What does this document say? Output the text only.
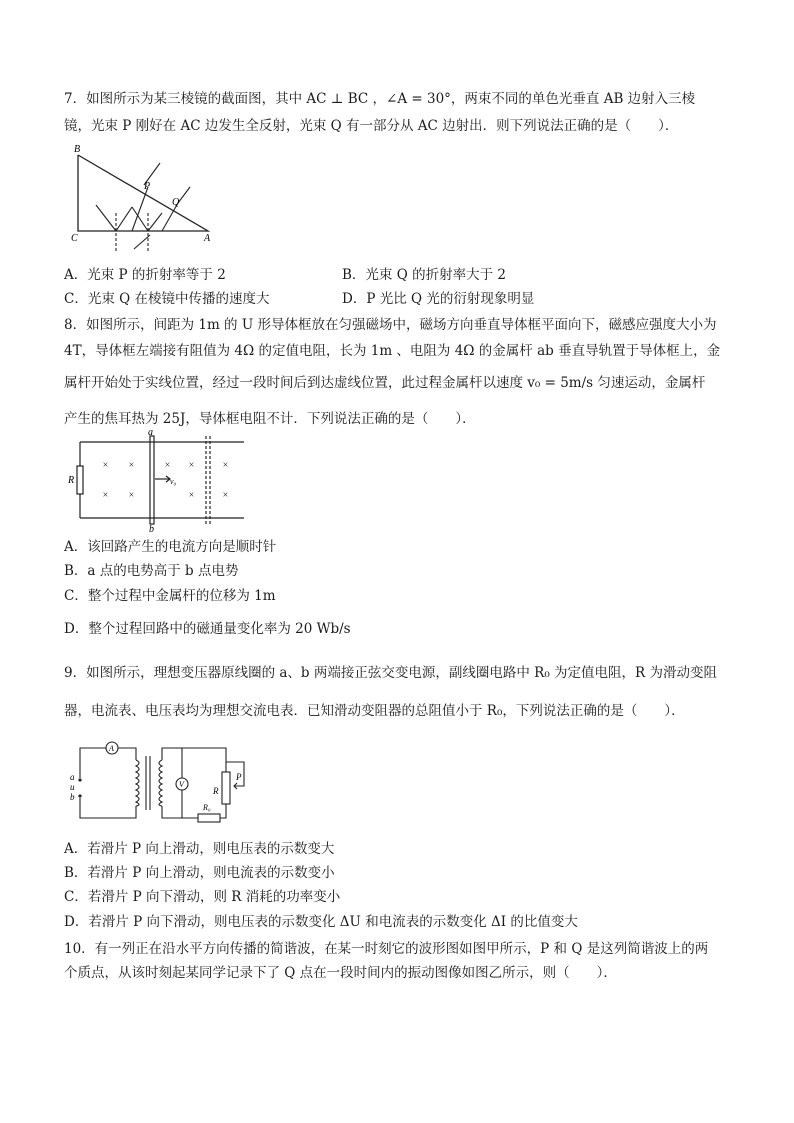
7．如图所示为某三棱镜的截面图，其中 AC ⊥ BC ，∠A = 30°，两束不同的单色光垂直 AB 边射入三棱
镜，光束 P 刚好在 AC 边发生全反射，光束 Q 有一部分从 AC 边射出．则下列说法正确的是（　　）．
B
C	A
P
Q
A．光束 P 的折射率等于 2	B．光束 Q 的折射率大于 2
C．光束 Q 在棱镜中传播的速度大	D．P 光比 Q 光的衍射现象明显
8．如图所示，间距为 1m 的 U 形导体框放在匀强磁场中，磁场方向垂直导体框平面向下，磁感应强度大小为
4T，导体框左端接有阻值为 4Ω 的定值电阻，长为 1m 、电阻为 4Ω 的金属杆 ab 垂直导轨置于导体框上，金
属杆开始处于实线位置，经过一段时间后到达虚线位置，此过程金属杆以速度 v₀ = 5m/s 匀速运动，金属杆
产生的焦耳热为 25J，导体框电阻不计．下列说法正确的是（　　）．
× ×	× ×	×
× ×	×	×
R
a
b
v₀
A．该回路产生的电流方向是顺时针
B．a 点的电势高于 b 点电势
C．整个过程中金属杆的位移为 1m
D．整个过程回路中的磁通量变化率为 20 Wb/s
9．如图所示，理想变压器原线圈的 a、b 两端接正弦交变电源，副线圈电路中 R₀ 为定值电阻，R 为滑动变阻
器，电流表、电压表均为理想交流电表．已知滑动变阻器的总阻值小于 R₀，下列说法正确的是（　　）．
A
V
a
u
b
P
R
R₀
A．若滑片 P 向上滑动，则电压表的示数变大
B．若滑片 P 向上滑动，则电流表的示数变小
C．若滑片 P 向下滑动，则 R 消耗的功率变小
D．若滑片 P 向下滑动，则电压表的示数变化 ΔU 和电流表的示数变化 ΔI 的比值变大
10．有一列正在沿水平方向传播的简谐波，在某一时刻它的波形图如图甲所示，P 和 Q 是这列简谐波上的两
个质点，从该时刻起某同学记录下了 Q 点在一段时间内的振动图像如图乙所示，则（　　）．
